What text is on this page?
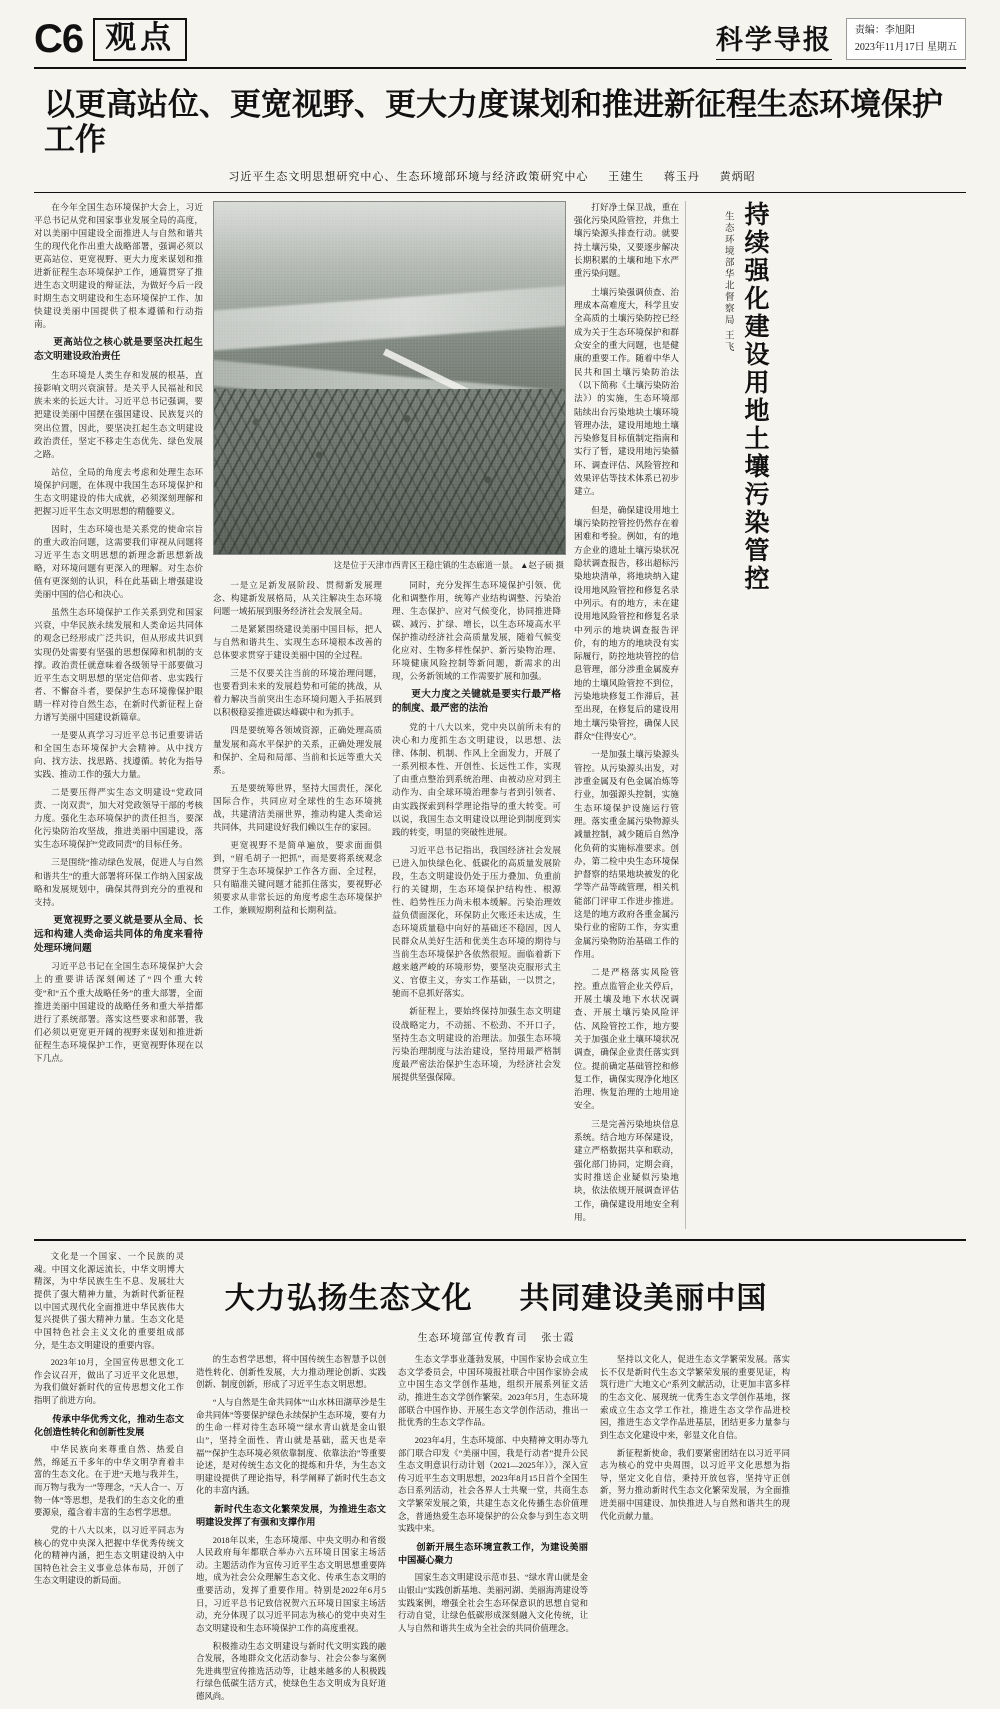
C6 观点	科学导报 责编：李旭阳
2023年11月17日 星期五
以更高站位、更宽视野、更大力度谋划和推进新征程生态环境保护工作
习近平生态文明思想研究中心、生态环境部环境与经济政策研究中心 王建生 蒋玉丹 黄炳昭

在今年全国生态环境保护大会上，习近平总书记从党和国家事业发展全局的高度，对以美丽中国建设全面推进人与自然和谐共生的现代化作出重大战略部署，强调必须以更高站位、更宽视野、更大力度来谋划和推进新征程生态环境保护工作，通篇贯穿了推进生态文明建设的辩证法，为做好今后一段时期生态文明建设和生态环境保护工作、加快建设美丽中国提供了根本遵循和行动指南。

更高站位之核心就是要坚决扛起生态文明建设政治责任

生态环境是人类生存和发展的根基，直接影响文明兴衰演替。是关乎人民福祉和民族未来的长远大计。习近平总书记强调，要把建设美丽中国摆在强国建设、民族复兴的突出位置，因此，要坚决扛起生态文明建设政治责任，坚定不移走生态优先、绿色发展之路。

站位，全局的角度去考虑和处理生态环境保护问题，在体现中我国生态环境保护和生态文明建设的伟大成就，必须深刻理解和把握习近平生态文明思想的精髓要义。

因时，生态环境也是关系党的使命宗旨的重大政治问题，这需要我们审视从问题将习近平生态文明思想的新理念新思想新战略，对环境问题有更深入的理解。对生态价值有更深刻的认识，科在此基础上增强建设美丽中国的信心和决心。

虽然生态环境保护工作关系到党和国家兴衰，中华民族永续发展和人类命运共同体的观念已经形成广泛共识，但从形成共识到实现仍处需要有坚强的思想保障和机制的支撑。政治责任就意味着各级领导干部要做习近平生态文明思想的坚定信仰者、忠实践行者、不懈奋斗者，要保护生态环境像保护眼睛一样对待自然生态，在新时代新征程上奋力谱写美丽中国建设新篇章。

一是要从真学习习近平总书记重要讲话和全国生态环境保护大会精神。从中找方向、找方法、找思路、找遵循。转化为指导实践、推动工作的强大力量。

二是要压得严实生态文明建设“党政同责、一岗双责”，加大对党政领导干部的考核力度。强化生态环境保护的责任担当，要深化污染防治攻坚战，推进美丽中国建设，落实生态环境保护“党政同责”的目标任务。

三是围绕“推动绿色发展，促进人与自然和谐共生”的重大部署将环保工作纳入国家战略和发展规划中，确保其得到充分的重视和支持。

更宽视野之要义就是要从全局、长远和构建人类命运共同体的角度来看待处理环境问题

习近平总书记在全国生态环境保护大会上的重要讲话深刻阐述了“四个重大转变”和“五个重大战略任务”的重大部署，全面推进美丽中国建设的战略任务和重大举措都进行了系统部署。落实这些要求和部署，我们必须以更宽更开阔的视野来谋划和推进新征程生态环境保护工作，更宽视野体现在以下几点。

这是位于天津市西青区王稳庄镇的生态廊道一景。 ▲赵子硕 摄

一是立足新发展阶段、贯彻新发展理念、构建新发展格局，从关注解决生态环境问题一域拓展到服务经济社会发展全局。

二是紧紧围绕建设美丽中国目标，把人与自然和谐共生、实现生态环境根本改善的总体要求贯穿于建设美丽中国的全过程。

三是不仅要关注当前的环境治理问题，也要看到未来的发展趋势和可能的挑战，从着力解决当前突出生态环境问题入手拓展到以积极稳妥推进碳达峰碳中和为抓手。

四是要统筹各领域资源，正确处理高质量发展和高水平保护的关系，正确处理发展和保护、全局和局部、当前和长远等重大关系。

五是要统筹世界，坚持大国责任，深化国际合作，共同应对全球性的生态环境挑战，共建清洁美丽世界，推动构建人类命运共同体，共同建设好我们赖以生存的家园。

更宽视野不是简单遍放，要求面面俱到，“眉毛胡子一把抓”，而是要将系统观念贯穿于生态环境保护工作各方面、全过程，只有瞄准关键问题才能抓住落实，要视野必须要求从非常长远的角度考虑生态环境保护工作，兼顾短期利益和长期利益。

同时，充分发挥生态环境保护引领、优化和调整作用，统筹产业结构调整、污染治理、生态保护、应对气候变化，协同推进降碳、减污、扩绿、增长，以生态环境高水平保护推动经济社会高质量发展，随着气候变化应对、生物多样性保护、新污染物治理、环境健康风险控制等新问题，新需求的出现，公务新领域的工作需要扩展和加强。

更大力度之关键就是要实行最严格的制度、最严密的法治

党的十八大以来，党中央以前所未有的决心和力度抓生态文明建设，以思想、法律、体制、机制、作风上全面发力，开展了一系列根本性、开创性、长远性工作，实现了由重点整治到系统治理、由被动应对到主动作为、由全球环境治理参与者到引领者、由实践探索到科学理论指导的重大转变。可以说，我国生态文明建设以理论到制度到实践的转变，明显的突破性进展。

习近平总书记指出，我国经济社会发展已进入加快绿色化、低碳化的高质量发展阶段，生态文明建设仍处于压力叠加、负重前行的关键期，生态环境保护结构性、根源性、趋势性压力尚未根本缓解。污染治理效益负债面深化，环保防止欠账还未达成，生态环境质量稳中向好的基础还不稳固，因人民群众从美好生活和优美生态环境的期待与当前生态环境保护各依然很短。面临着新下越来越严峻的环境形势，要坚决克服形式主义、官僚主义，夯实工作基础，一以贯之，驰而不息抓好落实。

新征程上，要始终保持加强生态文明建设战略定力，不动摇、不松劲、不开口子，坚持生态文明建设的治理法。加强生态环境污染治理制度与法治建设，坚持用最严格制度最严密法治保护生态环境，为经济社会发展提供坚强保障。

打好净土保卫战，重在强化污染风险管控，并焦土壤污染源头排查行动。就要持土壤污染，又要逐步解决长期积累的土壤和地下水严重污染问题。

土壤污染强调侦查、治理成本高难度大，科学且安全高质的土壤污染防控已经成为关于生态环境保护和群众安全的重大问题，也是健康的重要工作。随着中华人民共和国土壤污染防治法（以下简称《土壤污染防治法》）的实施，生态环境部陆续出台污染地块土壤环境管理办法，建设用地地土壤污染修复目标值制定指南和实行了暂，建设用地污染循环、调查评估、风险管控和效果评估等技术体系已初步建立。

但是，确保建设用地土壤污染防控管控仍然存在着困难和考验。例如，有的地方企业的遗址土壤污染状况隐状调查报告，移出超标污染地块清单，将地块纳入建设用地风险管控和修复名录中列示。有的地方，未在建设用地风险管控和修复名录中列示的地块调查报告评价，有的地方的地块没有实际履行，防控地块管控的信息管理，部分涉重金属废弃地的土壤风险管控不到位，污染地块修复工作滞后，甚至出现，在修复后的建设用地土壤污染管控，确保人民群众“住得安心”。

一是加强土壤污染源头管控。从污染源头出发，对涉重金属及有色金属冶炼等行业，加强源头控制，实施生态环境保护设施运行管理。落实重金属污染物源头减量控制，减少随后自然净化负荷的实施标准要求。创办，第二检中央生态环境保护督察的结果地块被发的化学等产品等疏管理，相关机能部门评审工作进步推进。这是的地方政府各重金属污染行业的密防工作，夯实重金属污染物防治基础工作的作用。

二是严格落实风险管控。重点监管企业关停后，开展土壤及地下水状况调查、开展土壤污染风险评估、风险管控工作，地方要关于加强企业土壤环境状况调查，确保企业责任落实到位。提前确定基础管控和修复工作，确保实现净化地区治理、恢复治理的土地用途安全。

三是完善污染地块信息系统。结合地方环保建设，建立严格数据共享和联动，强化部门协同，定期会商，实时推送企业疑似污染地块，依法依规开展调查评估工作，确保建设用地安全利用。

持续强化建设用地土壤污染管控
生态环境部华北督察局 王飞

文化是一个国家、一个民族的灵魂。中国文化源远流长，中华文明博大精深，为中华民族生生不息、发展壮大提供了强大精神力量，为新时代新征程以中国式现代化全面推进中华民族伟大复兴提供了强大精神力量。生态文化是中国特色社会主义文化的重要组成部分，是生态文明建设的重要内容。

2023年10月，全国宣传思想文化工作会议召开，做出了习近平文化思想，为我们做好新时代的宣传思想文化工作指明了前进方向。

传承中华优秀文化，推动生态文化创造性转化和创新性发展

中华民族向来尊重自然、热爱自然，绵延五千多年的中华文明孕育着丰富的生态文化。在于进“天地与我并生，而万物与我为一”等理念，“天人合一、万物一体”等思想，是我们的生态文化的重要源泉，蕴含着丰富的生态哲学思想。

党的十八大以来，以习近平同志为核心的党中央深入把握中华优秀传统文化的精神内涵，把生态文明建设纳入中国特色社会主义事业总体布局，开创了生态文明建设的新局面。

大力弘扬生态文化 共同建设美丽中国
生态环境部宣传教育司 张士霞

的生态哲学思想，将中国传统生态智慧予以创造性转化、创新性发展，大力推动理论创新、实践创新、制度创新，形成了习近平生态文明思想。

“人与自然是生命共同体”“山水林田湖草沙是生命共同体”等要保护绿色永续保护生态环境，要有力的生命一样对待生态环境”“绿水青山就是金山银山”，坚持全面性、青山就是基础，蓝天也是幸福”“保护生态环境必须依靠制度、依靠法治”等重要论述，是对传统生态文化的提炼和升华，为生态文明建设提供了理论指导，科学阐释了新时代生态文化的丰富内涵。

新时代生态文化繁荣发展，为推进生态文明建设发挥了有强和支撑作用

2018年以来，生态环境部、中央文明办和省级人民政府每年都联合举办六五环境日国家主场活动。主题活动作为宣传习近平生态文明思想重要阵地，成为社会公众理解生态文化、传承生态文明的重要活动，发挥了重要作用。特别是2022年6月5日，习近平总书记致信祝贺六五环境日国家主场活动，充分体现了以习近平同志为核心的党中央对生态文明建设和生态环境保护工作的高度重视。

积极推动生态文明建设与新时代文明实践的融合发展，各地群众文化活动参与、社会公参与案例先进典型宣传推选活动等，让越来越多的人积极践行绿色低碳生活方式，使绿色生态文明成为良好道德风尚。

生态文学事业蓬勃发展，中国作家协会成立生态文学委员会，中国环境报社联合中国作家协会成立中国生态文学创作基地，组织开展系列征文活动，推进生态文学创作繁荣。2023年5月，生态环境部联合中国作协、开展生态文学创作活动，推出一批优秀的生态文学作品。

2023年4月，生态环境部、中央精神文明办等九部门联合印发《“美丽中国，我是行动者”提升公民生态文明意识行动计划（2021—2025年）》，深入宣传习近平生态文明思想，2023年8月15日首个全国生态日系列活动，社会各界人士共聚一堂，共商生态文学繁荣发展之策，共建生态文化传播生态价值理念，普通热爱生态环境保护的公众参与到生态文明实践中来。

创新开展生态环境宣教工作，为建设美丽中国凝心聚力

国家生态文明建设示范市县、“绿水青山就是金山银山”实践创新基地、美丽河湖、美丽海湾建设等实践案例，增强全社会生态环保意识的思想自觉和行动自觉，让绿色低碳形成深刻融入文化传统，让人与自然和谐共生成为全社会的共同价值理念。

坚持以文化人，促进生态文学繁荣发展。落实长不仅是新时代生态文学繁荣发展的重要见证，构筑行进广大地文心“系列文献活动，让更加丰富多样的生态文化、展现统一优秀生态文学创作基地，探索成立生态文学工作社，推进生态文学作品进校园，推进生态文学作品进基层，团结更多力量参与到生态文化建设中来，彰显文化自信。

新征程新使命，我们要紧密团结在以习近平同志为核心的党中央周围，以习近平文化思想为指导，坚定文化自信，秉持开放包容，坚持守正创新，努力推动新时代生态文化繁荣发展，为全面推进美丽中国建设、加快推进人与自然和谐共生的现代化贡献力量。
